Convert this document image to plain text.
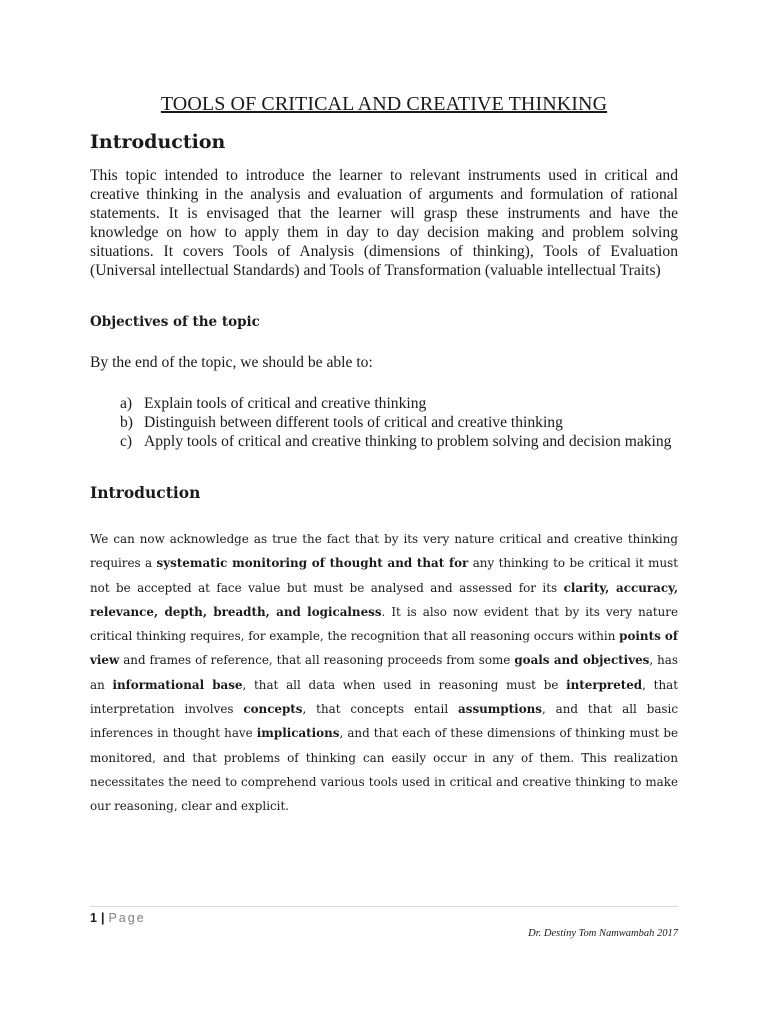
TOOLS OF CRITICAL AND CREATIVE THINKING
Introduction

This topic intended to introduce the learner to relevant instruments used in critical and creative thinking in the analysis and evaluation of arguments and formulation of rational statements. It is envisaged that the learner will grasp these instruments and have the knowledge on how to apply them in day to day decision making and problem solving situations. It covers Tools of Analysis (dimensions of thinking), Tools of Evaluation (Universal intellectual Standards) and Tools of Transformation (valuable intellectual Traits)

Objectives of the topic

By the end of the topic, we should be able to:

a) Explain tools of critical and creative thinking
b) Distinguish between different tools of critical and creative thinking
c) Apply tools of critical and creative thinking to problem solving and decision making
Introduction

We can now acknowledge as true the fact that by its very nature critical and creative thinking requires a systematic monitoring of thought and that for any thinking to be critical it must not be accepted at face value but must be analysed and assessed for its clarity, accuracy, relevance, depth, breadth, and logicalness. It is also now evident that by its very nature critical thinking requires, for example, the recognition that all reasoning occurs within points of view and frames of reference, that all reasoning proceeds from some goals and objectives, has an informational base, that all data when used in reasoning must be interpreted, that interpretation involves concepts, that concepts entail assumptions, and that all basic inferences in thought have implications, and that each of these dimensions of thinking must be monitored, and that problems of thinking can easily occur in any of them. This realization necessitates the need to comprehend various tools used in critical and creative thinking to make our reasoning, clear and explicit.

1 | Page
Dr. Destiny Tom Namwambah 2017
